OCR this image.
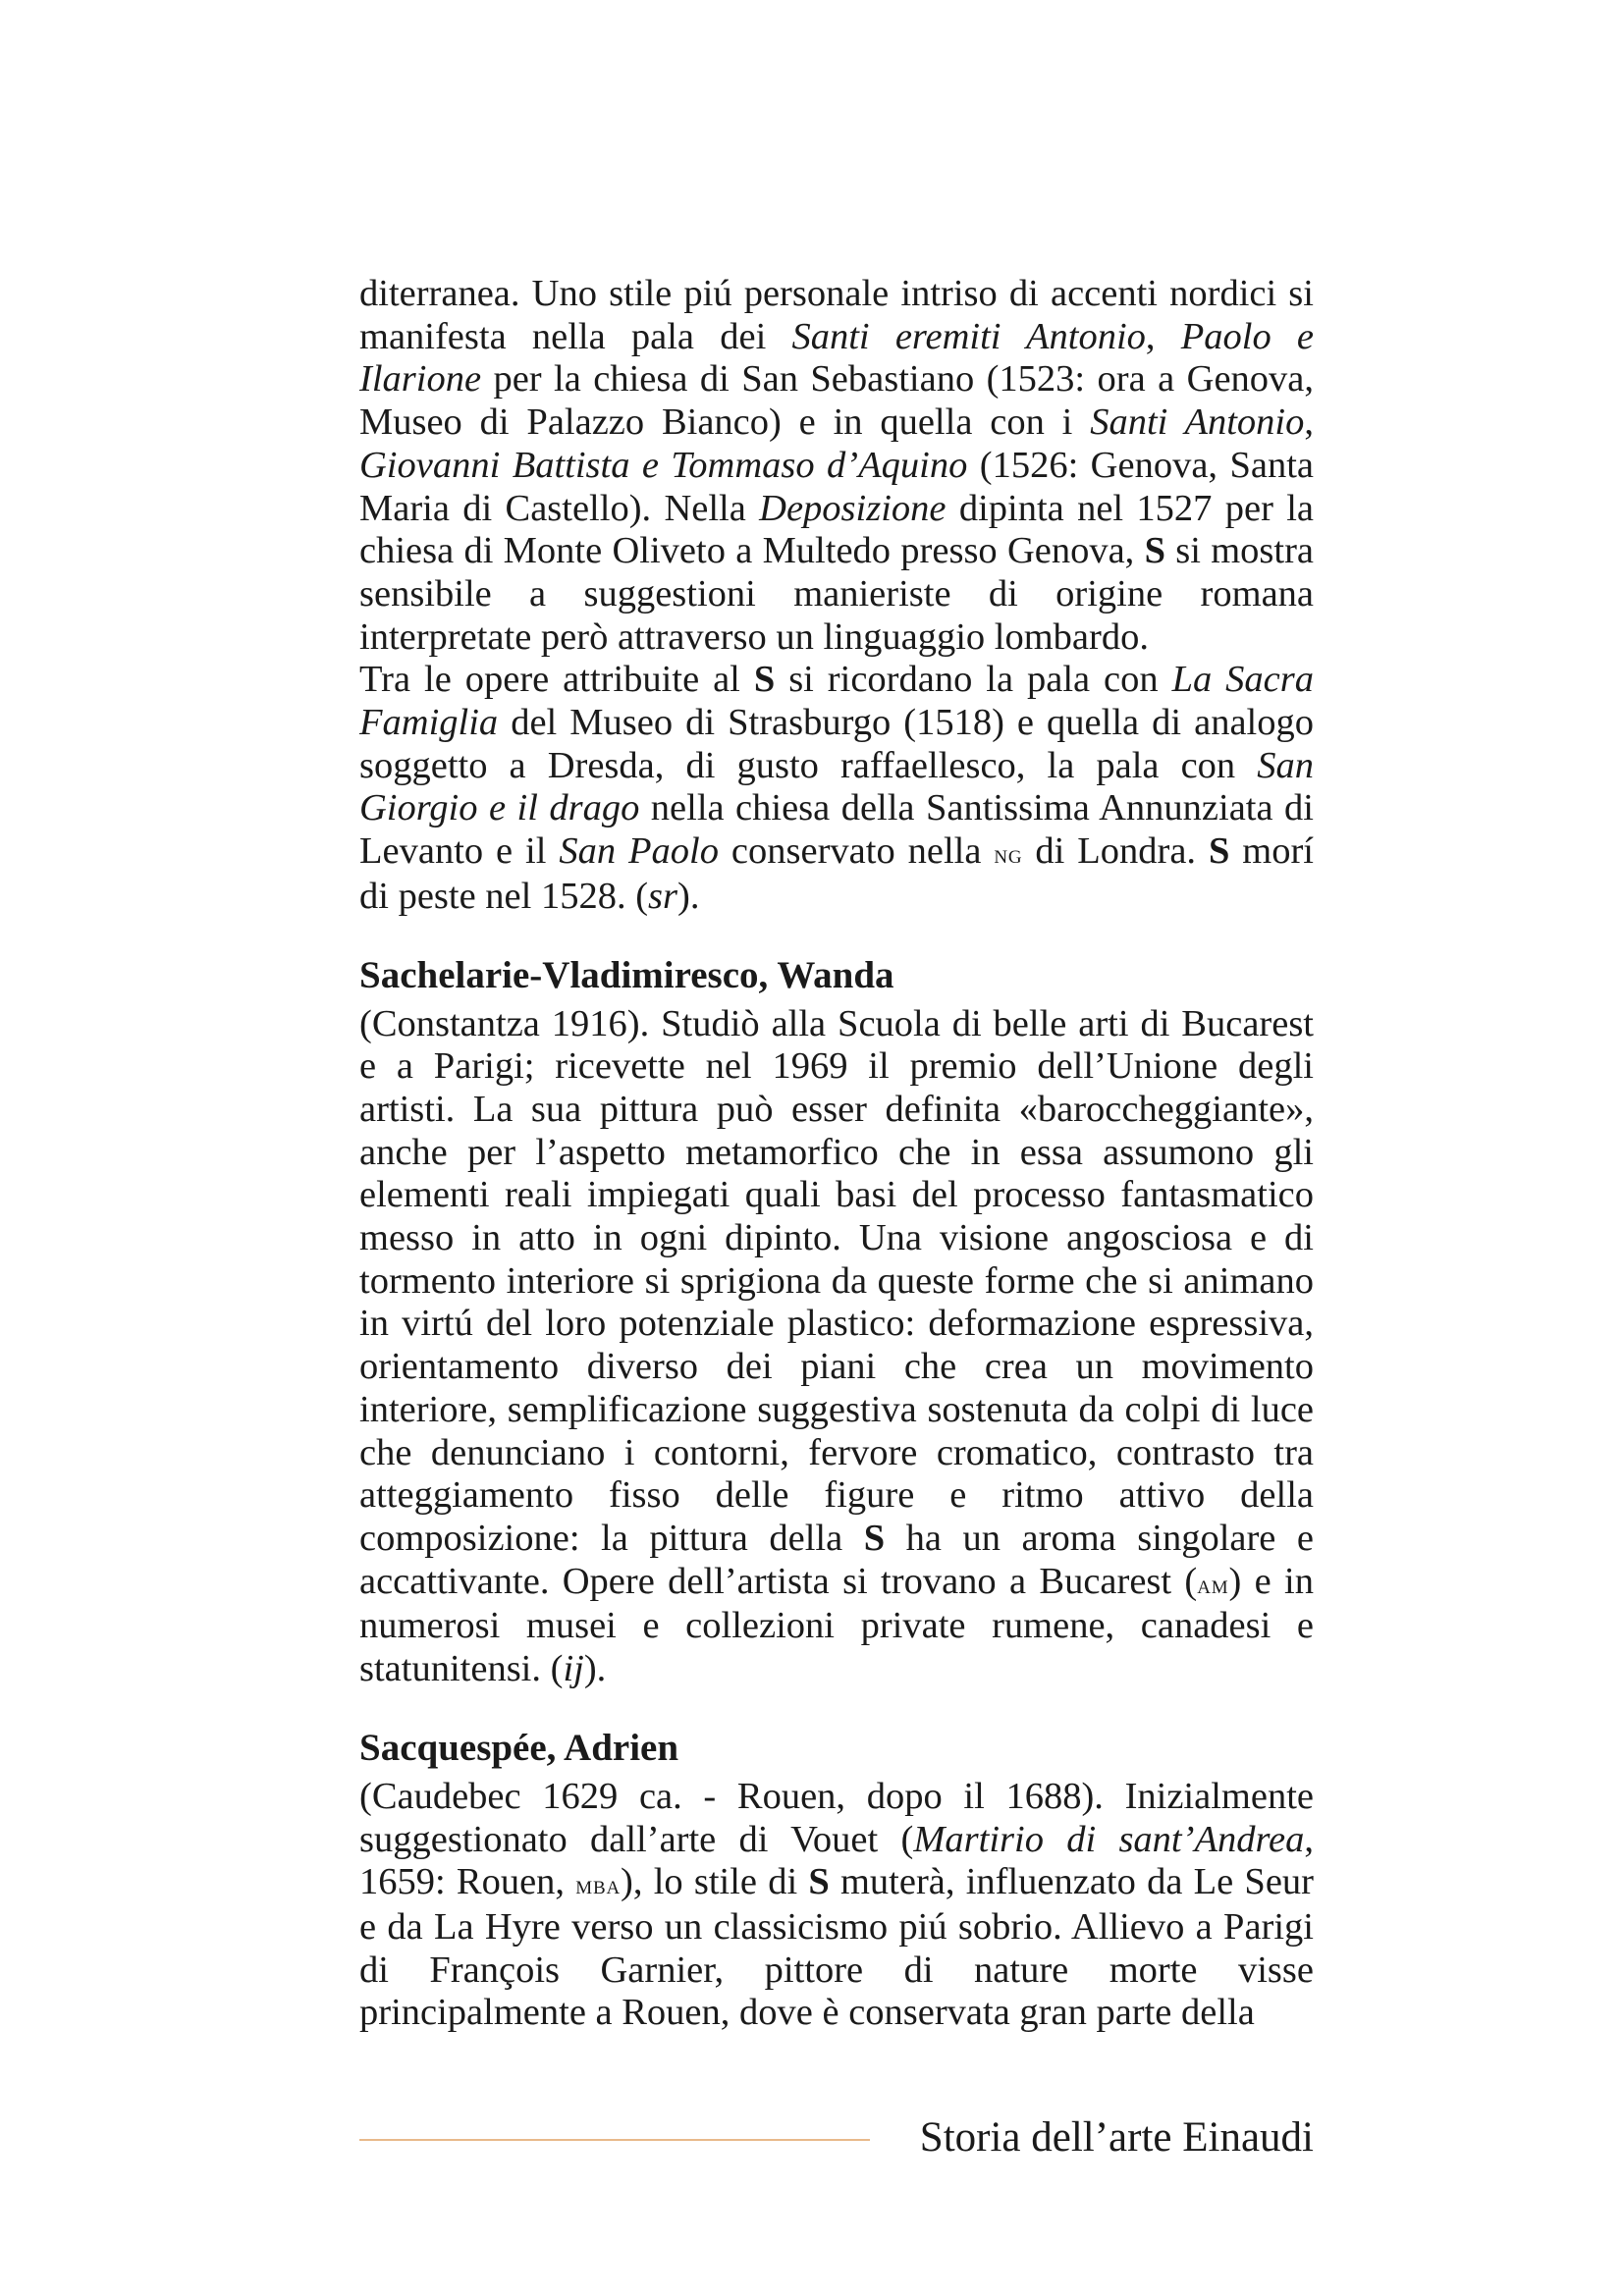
diterranea. Uno stile piú personale intriso di accenti nordici si manifesta nella pala dei Santi eremiti Antonio, Paolo e Ilarione per la chiesa di San Sebastiano (1523: ora a Genova, Museo di Palazzo Bianco) e in quella con i Santi Antonio, Giovanni Battista e Tommaso d’Aquino (1526: Genova, Santa Maria di Castello). Nella Deposizione dipinta nel 1527 per la chiesa di Monte Oliveto a Multedo presso Genova, S si mostra sensibile a suggestioni manieriste di origine romana interpretate però attraverso un linguaggio lombardo.
Tra le opere attribuite al S si ricordano la pala con La Sacra Famiglia del Museo di Strasburgo (1518) e quella di analogo soggetto a Dresda, di gusto raffaellesco, la pala con San Giorgio e il drago nella chiesa della Santissima Annunziata di Levanto e il San Paolo conservato nella ng di Londra. S morí di peste nel 1528. (sr).

Sachelarie-Vladimiresco, Wanda

(Constantza 1916). Studiò alla Scuola di belle arti di Bucarest e a Parigi; ricevette nel 1969 il premio dell’Unione degli artisti. La sua pittura può esser definita «baroccheggiante», anche per l’aspetto metamorfico che in essa assumono gli elementi reali impiegati quali basi del processo fantasmatico messo in atto in ogni dipinto. Una visione angosciosa e di tormento interiore si sprigiona da queste forme che si animano in virtú del loro potenziale plastico: deformazione espressiva, orientamento diverso dei piani che crea un movimento interiore, semplificazione suggestiva sostenuta da colpi di luce che denunciano i contorni, fervore cromatico, contrasto tra atteggiamento fisso delle figure e ritmo attivo della composizione: la pittura della S ha un aroma singolare e accattivante. Opere dell’artista si trovano a Bucarest (am) e in numerosi musei e collezioni private rumene, canadesi e statunitensi. (ij).

Sacquespée, Adrien

(Caudebec 1629 ca. - Rouen, dopo il 1688). Inizialmente suggestionato dall’arte di Vouet (Martirio di sant’Andrea, 1659: Rouen, mba), lo stile di S muterà, influenzato da Le Seur e da La Hyre verso un classicismo piú sobrio. Allievo a Parigi di François Garnier, pittore di nature morte visse principalmente a Rouen, dove è conservata gran parte della

Storia dell’arte Einaudi
